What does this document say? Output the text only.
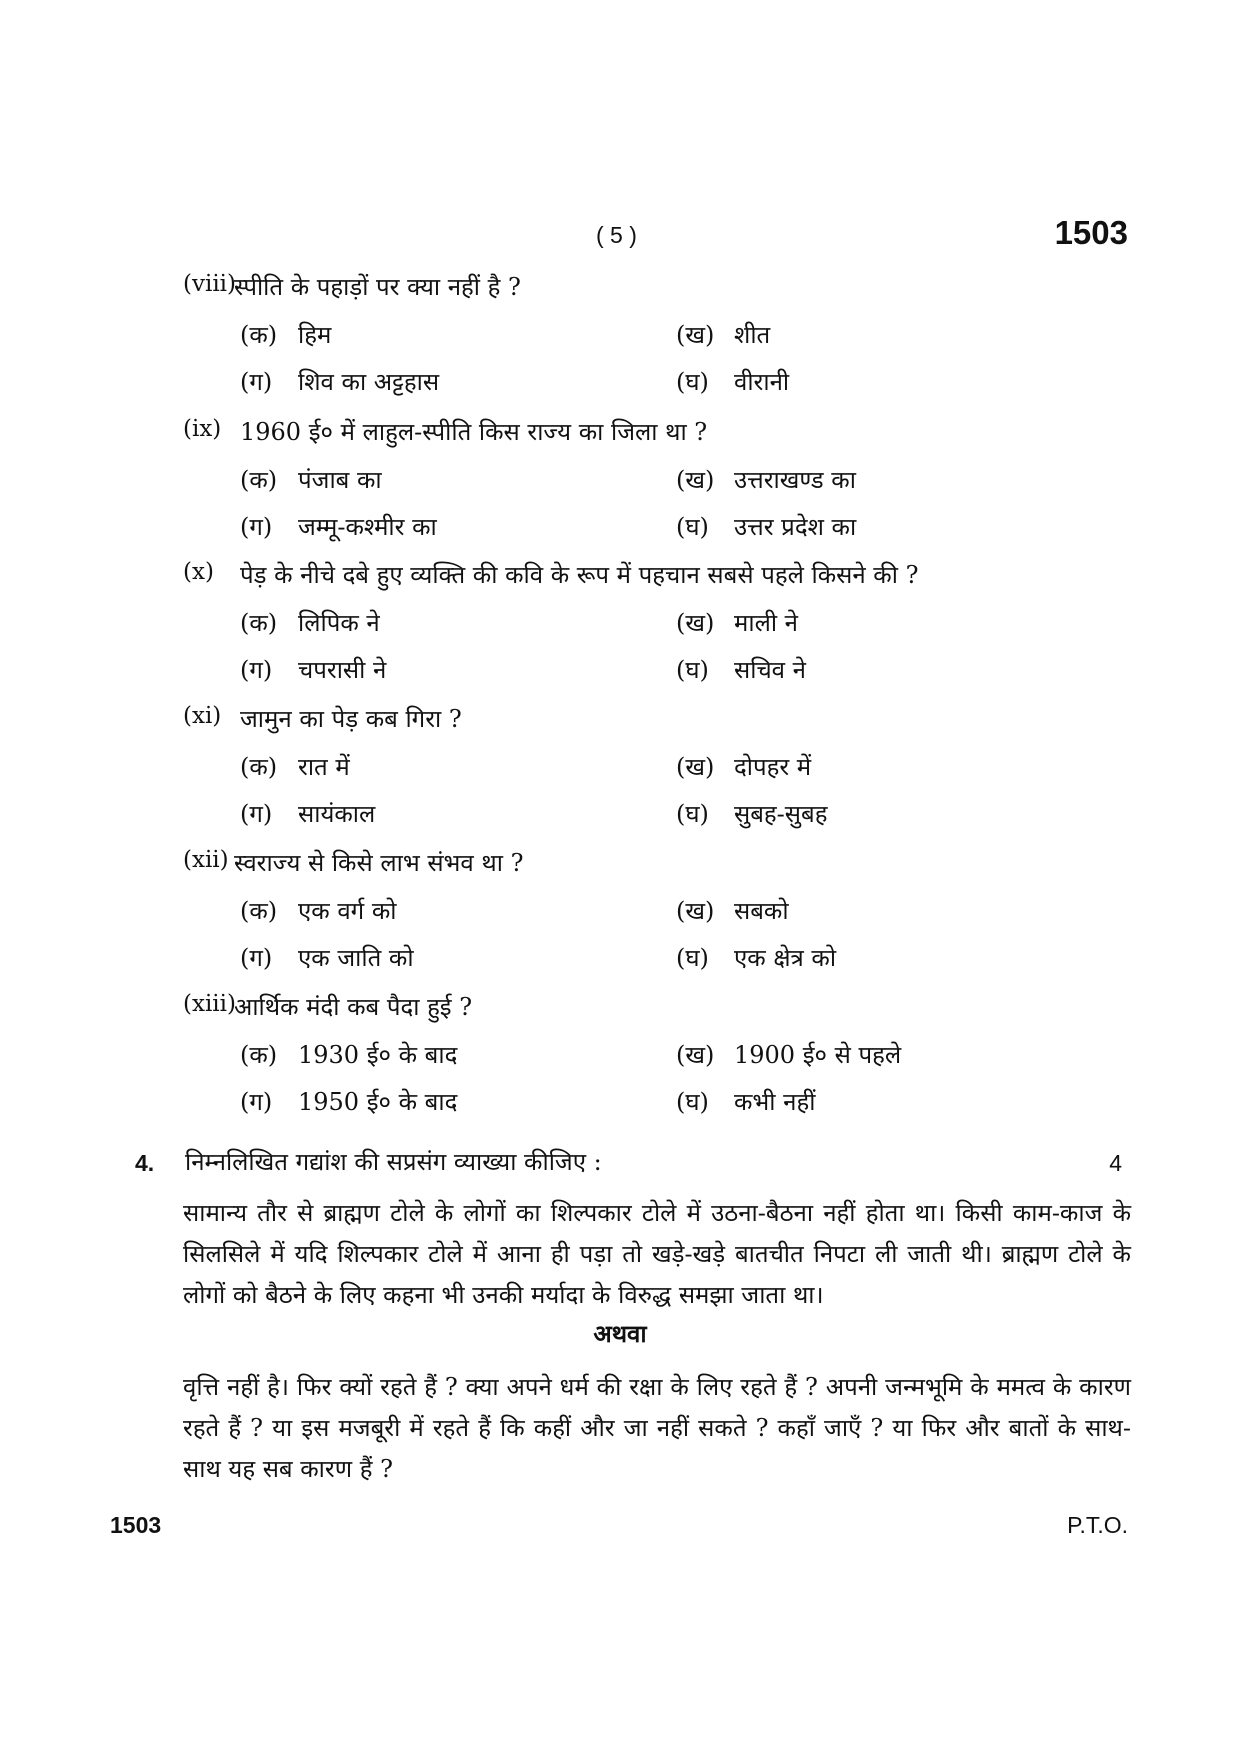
( 5 )	1503
(viii)
स्पीति के पहाड़ों पर क्या नहीं है ?
(क) हिम	(ख) शीत
(ग) शिव का अट्टहास	(घ) वीरानी
(ix) 1960 ई० में लाहुल-स्पीति किस राज्य का जिला था ?
(क) पंजाब का	(ख) उत्तराखण्ड का
(ग) जम्मू-कश्मीर का	(घ) उत्तर प्रदेश का
(x) पेड़ के नीचे दबे हुए व्यक्ति की कवि के रूप में पहचान सबसे पहले किसने की ?
(क) लिपिक ने	(ख) माली ने
(ग) चपरासी ने	(घ) सचिव ने
(xi) जामुन का पेड़ कब गिरा ?
(क) रात में	(ख) दोपहर में
(ग) सायंकाल	(घ) सुबह-सुबह
(xii) स्वराज्य से किसे लाभ संभव था ?
(क) एक वर्ग को	(ख) सबको
(ग) एक जाति को	(घ) एक क्षेत्र को
(xiii)
आर्थिक मंदी कब पैदा हुई ?
(क) 1930 ई० के बाद	(ख) 1900 ई० से पहले
(ग) 1950 ई० के बाद	(घ) कभी नहीं
4. निम्नलिखित गद्यांश की सप्रसंग व्याख्या कीजिए :	4
सामान्य तौर से ब्राह्मण टोले के लोगों का शिल्पकार टोले में उठना-बैठना नहीं होता था। किसी काम-काज के सिलसिले में यदि शिल्पकार टोले में आना ही पड़ा तो खड़े-खड़े बातचीत निपटा ली जाती थी। ब्राह्मण टोले के लोगों को बैठने के लिए कहना भी उनकी मर्यादा के विरुद्ध समझा जाता था।
अथवा
वृत्ति नहीं है। फिर क्यों रहते हैं ? क्या अपने धर्म की रक्षा के लिए रहते हैं ? अपनी जन्मभूमि के ममत्व के कारण रहते हैं ? या इस मजबूरी में रहते हैं कि कहीं और जा नहीं सकते ? कहाँ जाएँ ? या फिर और बातों के साथ-साथ यह सब कारण हैं ?
1503	P.T.O.
